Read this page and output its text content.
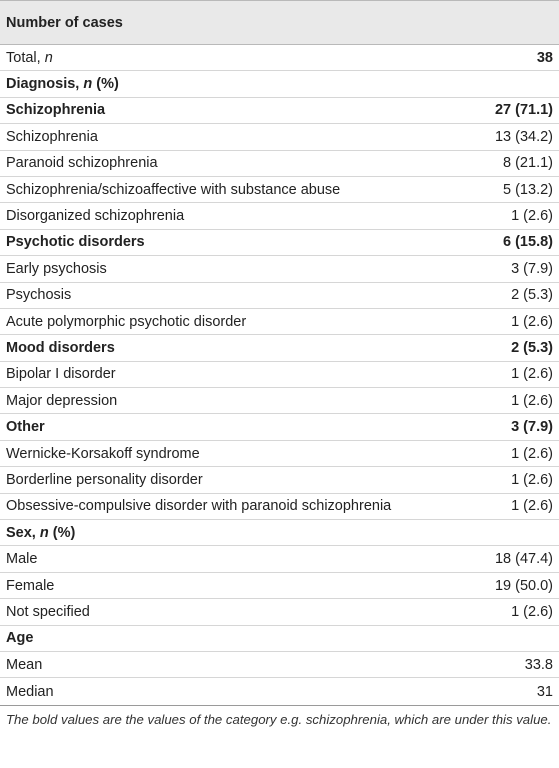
Number of cases
Total, n	38
Diagnosis, n (%)
Schizophrenia	27 (71.1)
Schizophrenia	13 (34.2)
Paranoid schizophrenia	8 (21.1)
Schizophrenia/schizoaffective with substance abuse	5 (13.2)
Disorganized schizophrenia	1 (2.6)
Psychotic disorders	6 (15.8)
Early psychosis	3 (7.9)
Psychosis	2 (5.3)
Acute polymorphic psychotic disorder	1 (2.6)
Mood disorders	2 (5.3)
Bipolar I disorder	1 (2.6)
Major depression	1 (2.6)
Other	3 (7.9)
Wernicke-Korsakoff syndrome	1 (2.6)
Borderline personality disorder	1 (2.6)
Obsessive-compulsive disorder with paranoid schizophrenia	1 (2.6)
Sex, n (%)
Male	18 (47.4)
Female	19 (50.0)
Not specified	1 (2.6)
Age
Mean	33.8
Median	31
The bold values are the values of the category e.g. schizophrenia, which are under this value.
